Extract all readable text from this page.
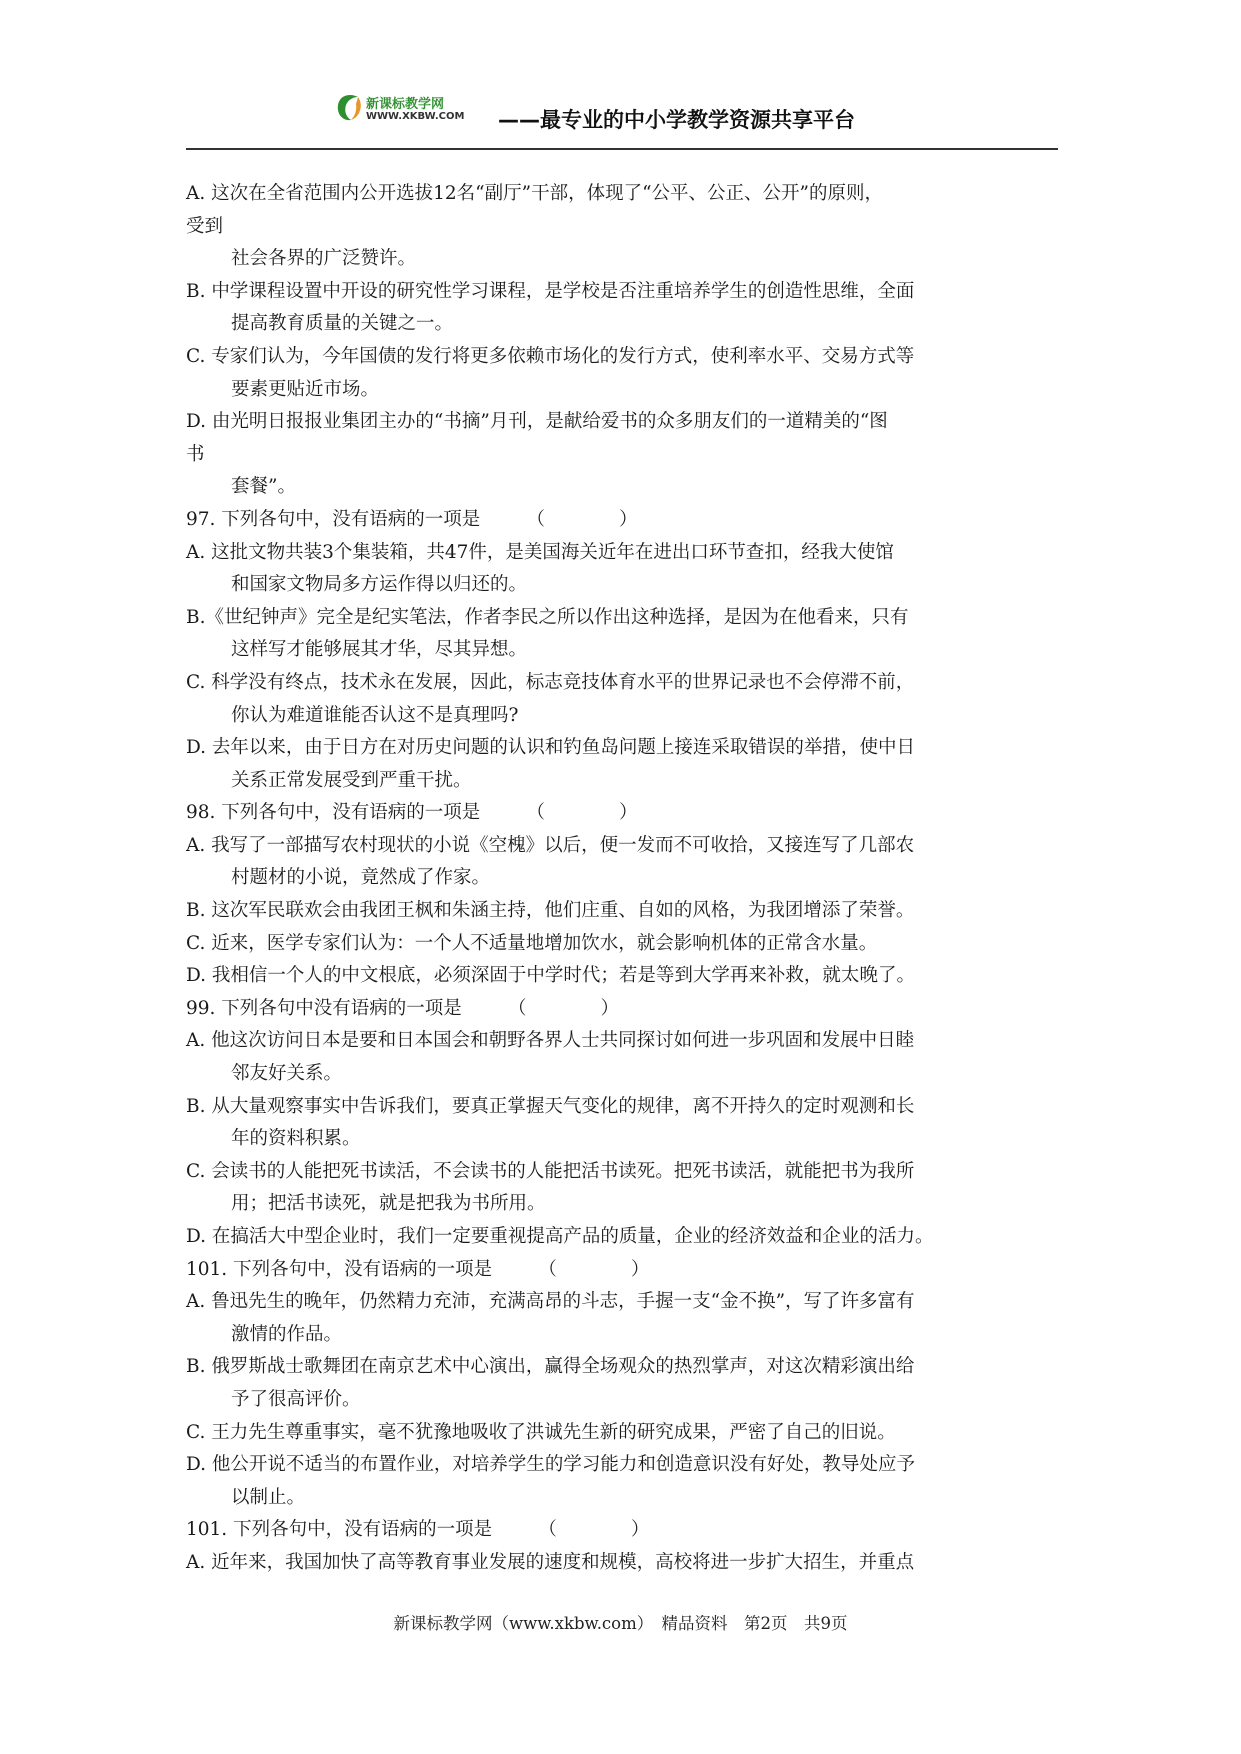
新课标教学网
WWW.XKBW.COM ——最专业的中小学教学资源共享平台
A. 这次在全省范围内公开选拔12名“副厅”干部，体现了“公平、公正、公开”的原则，
受到
社会各界的广泛赞许。
B. 中学课程设置中开设的研究性学习课程，是学校是否注重培养学生的创造性思维，全面
提高教育质量的关键之一。
C. 专家们认为，今年国债的发行将更多依赖市场化的发行方式，使利率水平、交易方式等
要素更贴近市场。
D. 由光明日报报业集团主办的“书摘”月刊，是献给爱书的众多朋友们的一道精美的“图
书
套餐”。
97. 下列各句中，没有语病的一项是　　　（　　　　）
A. 这批文物共装3个集装箱，共47件，是美国海关近年在进出口环节查扣，经我大使馆
和国家文物局多方运作得以归还的。
B.《世纪钟声》完全是纪实笔法，作者李民之所以作出这种选择，是因为在他看来，只有
这样写才能够展其才华，尽其异想。
C. 科学没有终点，技术永在发展，因此，标志竞技体育水平的世界记录也不会停滞不前，
你认为难道谁能否认这不是真理吗?
D. 去年以来，由于日方在对历史问题的认识和钓鱼岛问题上接连采取错误的举措，使中日
关系正常发展受到严重干扰。
98. 下列各句中，没有语病的一项是　　　（　　　　）
A. 我写了一部描写农村现状的小说《空槐》以后，便一发而不可收拾，又接连写了几部农
村题材的小说，竟然成了作家。
B. 这次军民联欢会由我团王枫和朱涵主持，他们庄重、自如的风格，为我团增添了荣誉。
C. 近来，医学专家们认为：一个人不适量地增加饮水，就会影响机体的正常含水量。
D. 我相信一个人的中文根底，必须深固于中学时代；若是等到大学再来补救，就太晚了。
99. 下列各句中没有语病的一项是　　　（　　　　）
A. 他这次访问日本是要和日本国会和朝野各界人士共同探讨如何进一步巩固和发展中日睦
邻友好关系。
B. 从大量观察事实中告诉我们，要真正掌握天气变化的规律，离不开持久的定时观测和长
年的资料积累。
C. 会读书的人能把死书读活，不会读书的人能把活书读死。把死书读活，就能把书为我所
用；把活书读死，就是把我为书所用。
D. 在搞活大中型企业时，我们一定要重视提高产品的质量，企业的经济效益和企业的活力。
101. 下列各句中，没有语病的一项是　　　（　　　　）
A. 鲁迅先生的晚年，仍然精力充沛，充满高昂的斗志，手握一支“金不换”，写了许多富有
激情的作品。
B. 俄罗斯战士歌舞团在南京艺术中心演出，赢得全场观众的热烈掌声，对这次精彩演出给
予了很高评价。
C. 王力先生尊重事实，毫不犹豫地吸收了洪诚先生新的研究成果，严密了自己的旧说。
D. 他公开说不适当的布置作业，对培养学生的学习能力和创造意识没有好处，教导处应予
以制止。
101. 下列各句中，没有语病的一项是　　　（　　　　）
A. 近年来，我国加快了高等教育事业发展的速度和规模，高校将进一步扩大招生，并重点
新课标教学网（www.xkbw.com）　精品资料　第2页　共9页
